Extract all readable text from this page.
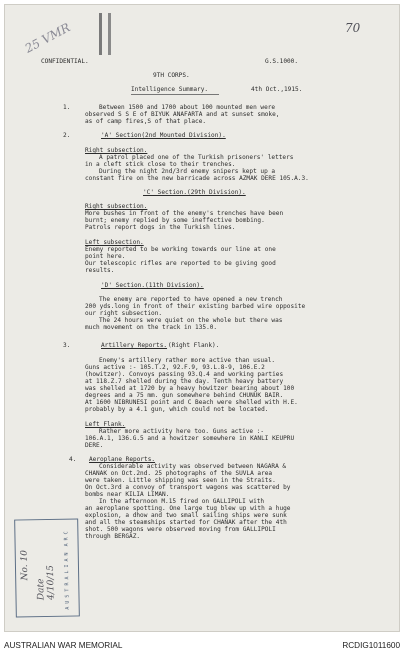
25 VMR	70
CONFIDENTIAL.	G.S.1000.
9TH CORPS.
Intelligence Summary.	4th Oct.,1915.
1.	Between 1500 and 1700 about 100 mounted men were
observed S S E of BIYUK ANAFARTA and at sunset smoke,
as of camp fires,S of that place.
2.	'A' Section(2nd Mounted Division).
Right subsection.
A patrol placed one of the Turkish prisoners' letters
in a cleft stick close to their trenches.
During the night 2nd/3rd enemy snipers kept up a
constant fire on the new barricade across AZMAK DERE 105.A.3.
'C' Section.(29th Division).
Right subsection.
More bushes in front of the enemy's trenches have been
burnt; enemy replied by some ineffective bombing.
Patrols report dogs in the Turkish lines.
Left subsection.
Enemy reported to be working towards our line at one
point here.
Our telescopic rifles are reported to be giving good
results.
'D' Section.(11th Division).
The enemy are reported to have opened a new trench
200 yds.long in front of their existing barbed wire opposite
our right subsection.
The 24 hours were quiet on the whole but there was
much movement on the track in 135.0.
3.	Artillery Reports. (Right Flank).
Enemy's artillery rather more active than usual.
Guns active :- 105.T.2, 92.F.9, 93.L.8-9, 106.E.2
(howitzer). Convoys passing 93.Q.4 and working parties
at 118.Z.7 shelled during the day. Tenth heavy battery
was shelled at 1720 by a heavy howitzer bearing about 100
degrees and a 75 mm. gun somewhere behind CHUNUK BAIR.
At 1600 NIBRUNESI point and C Beach were shelled with H.E.
probably by a 4.1 gun, which could not be located.
Left Flank.
Rather more activity here too. Guns active :-
106.A.1, 136.G.5 and a howitzer somewhere in KANLI KEUPRU
DERE.
4. Aeroplane Reports.
Considerable activity was observed between NAGARA &
CHANAK on Oct.2nd. 25 photographs of the SUVLA area
were taken. Little shipping was seen in the Straits.
On Oct.3rd a convoy of transport wagons was scattered by
bombs near KILIA LIMAN.
In the afternoon M.15 fired on GALLIPOLI with
an aeroplane spotting. One large tug blew up with a huge
explosion, a dhow and two small sailing ships were sunk
and all the steamships started for CHANAK after the 4th
shot. 500 wagons were observed moving from GALLIPOLI
through BERGAZ.
No. 10
Date 4/10/15 A U S T R A L I A N  A R C
AUSTRALIAN WAR MEMORIAL	RCDIG1011600
